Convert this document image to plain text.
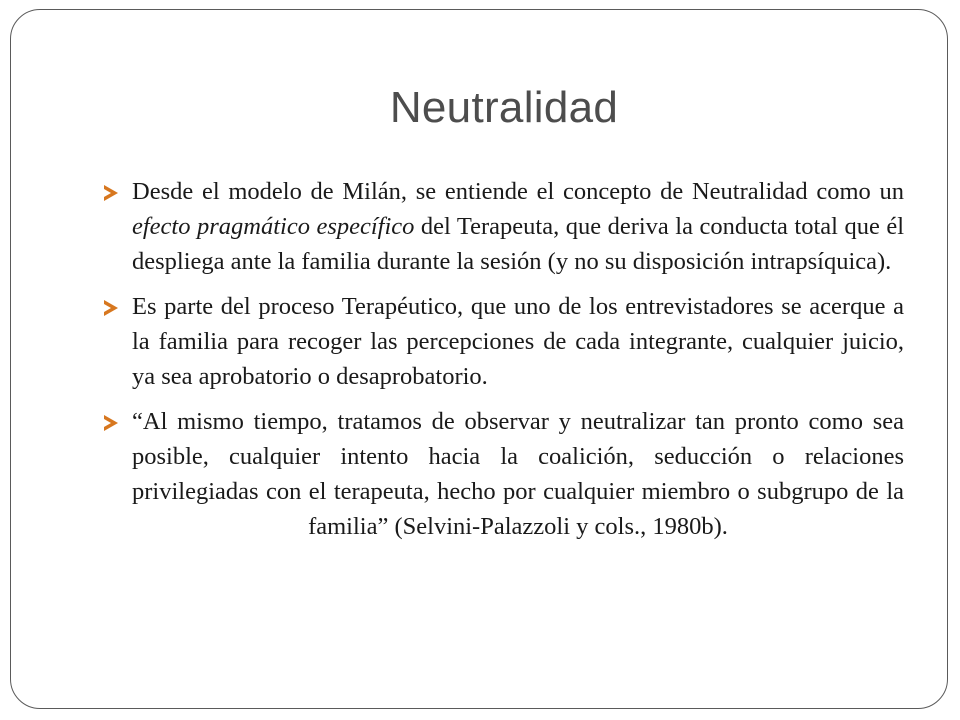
Neutralidad
Desde el modelo de Milán, se entiende el concepto de Neutralidad como un efecto pragmático específico del Terapeuta, que deriva la conducta total que él despliega ante la familia durante la sesión (y no su disposición intrapsíquica).
Es parte del proceso Terapéutico, que uno de los entrevistadores se acerque a la familia para recoger las percepciones de cada integrante, cualquier juicio, ya sea aprobatorio o desaprobatorio.
“Al mismo tiempo, tratamos de observar y neutralizar tan pronto como sea posible, cualquier intento hacia la coalición, seducción o relaciones privilegiadas con el terapeuta, hecho por cualquier miembro o subgrupo de la familia” (Selvini-Palazzoli y cols., 1980b).
